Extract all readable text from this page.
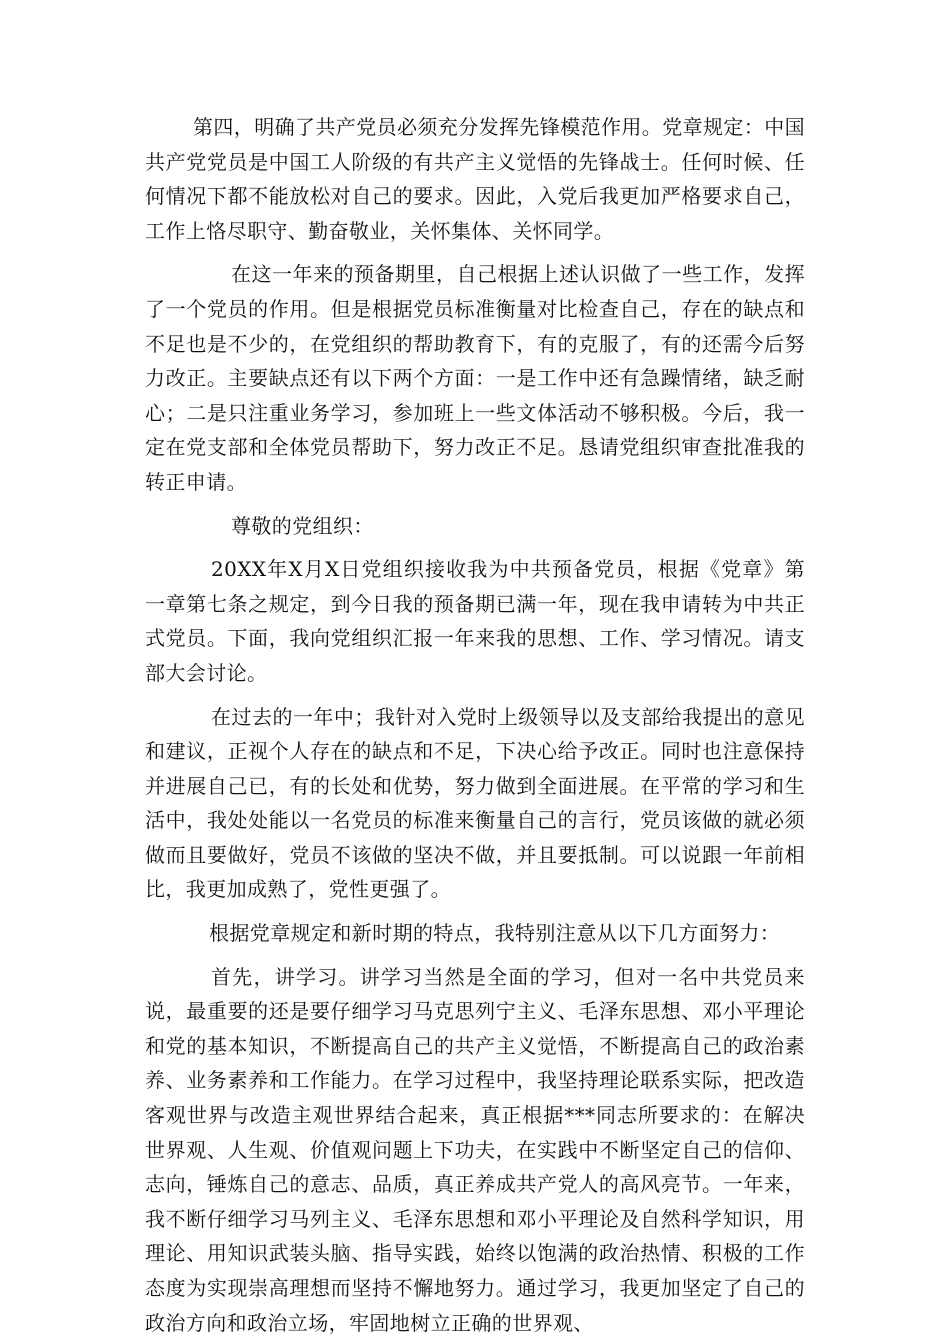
第四，明确了共产党员必须充分发挥先锋模范作用。党章规定：中国共产党党员是中国工人阶级的有共产主义觉悟的先锋战士。任何时候、任何情况下都不能放松对自己的要求。因此，入党后我更加严格要求自己，工作上恪尽职守、勤奋敬业，关怀集体、关怀同学。

在这一年来的预备期里，自己根据上述认识做了一些工作，发挥了一个党员的作用。但是根据党员标准衡量对比检查自己，存在的缺点和不足也是不少的，在党组织的帮助教育下，有的克服了，有的还需今后努力改正。主要缺点还有以下两个方面：一是工作中还有急躁情绪，缺乏耐心；二是只注重业务学习，参加班上一些文体活动不够积极。今后，我一定在党支部和全体党员帮助下，努力改正不足。恳请党组织审查批准我的转正申请。

尊敬的党组织：

20XX年X月X日党组织接收我为中共预备党员，根据《党章》第一章第七条之规定，到今日我的预备期已满一年，现在我申请转为中共正式党员。下面，我向党组织汇报一年来我的思想、工作、学习情况。请支部大会讨论。

在过去的一年中；我针对入党时上级领导以及支部给我提出的意见和建议，正视个人存在的缺点和不足，下决心给予改正。同时也注意保持并进展自己已，有的长处和优势，努力做到全面进展。在平常的学习和生活中，我处处能以一名党员的标准来衡量自己的言行，党员该做的就必须做而且要做好，党员不该做的坚决不做，并且要抵制。可以说跟一年前相比，我更加成熟了，党性更强了。

根据党章规定和新时期的特点，我特别注意从以下几方面努力：

首先，讲学习。讲学习当然是全面的学习，但对一名中共党员来说，最重要的还是要仔细学习马克思列宁主义、毛泽东思想、邓小平理论和党的基本知识，不断提高自己的共产主义觉悟，不断提高自己的政治素养、业务素养和工作能力。在学习过程中，我坚持理论联系实际，把改造客观世界与改造主观世界结合起来，真正根据***同志所要求的：在解决世界观、人生观、价值观问题上下功夫，在实践中不断坚定自己的信仰、志向，锤炼自己的意志、品质，真正养成共产党人的高风亮节。一年来，我不断仔细学习马列主义、毛泽东思想和邓小平理论及自然科学知识，用理论、用知识武装头脑、指导实践，始终以饱满的政治热情、积极的工作态度为实现崇高理想而坚持不懈地努力。通过学习，我更加坚定了自己的政治方向和政治立场，牢固地树立正确的世界观、
